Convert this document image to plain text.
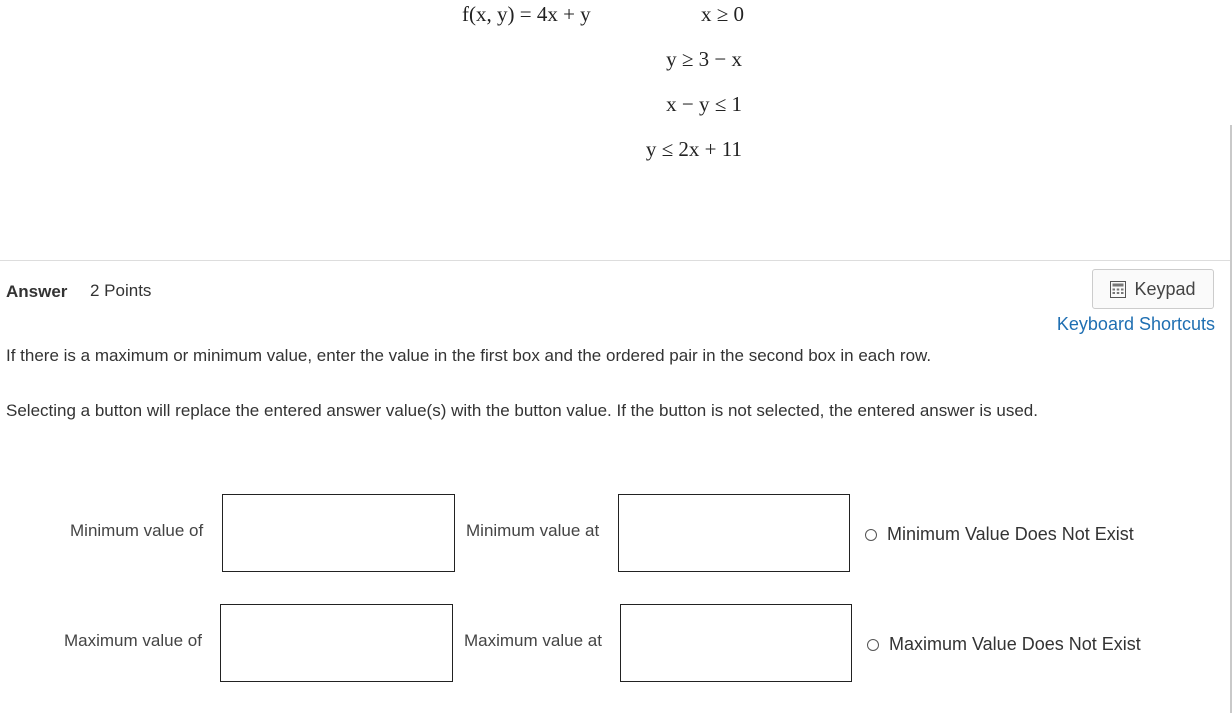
f(x, y) = 4x + y	x ≥ 0
y ≥ 3 − x
x − y ≤ 1
y ≤ 2x + 11
Answer 2 Points	Keypad
Keyboard Shortcuts
If there is a maximum or minimum value, enter the value in the first box and the ordered pair in the second box in each row.
Selecting a button will replace the entered answer value(s) with the button value. If the button is not selected, the entered answer is used.
Minimum value of	Minimum value at	Minimum Value Does Not Exist
Maximum value of	Maximum value at	Maximum Value Does Not Exist
